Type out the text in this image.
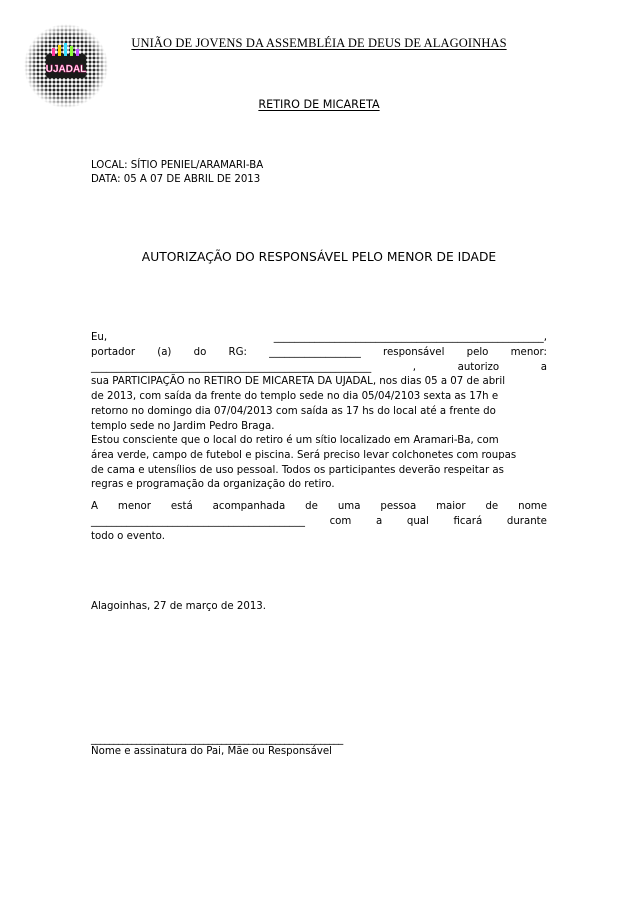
UJADAL
UNIÃO DE JOVENS DA ASSEMBLÉIA DE DEUS DE ALAGOINHAS
RETIRO DE MICARETA
LOCAL: SÍTIO PENIEL/ARAMARI-BA
DATA: 05 A 07 DE ABRIL DE 2013
AUTORIZAÇÃO DO RESPONSÁVEL PELO MENOR DE IDADE
Eu,	_____________________________________________________,
portador (a) do RG: __________________ responsável pelo menor:
_______________________________________________________	,	autorizo	a
sua PARTICIPAÇÃO no RETIRO DE MICARETA DA UJADAL, nos dias 05 a 07 de abril
de 2013, com saída da frente do templo sede no dia 05/04/2103 sexta as 17h e
retorno no domingo dia 07/04/2013 com saída as 17 hs do local até a frente do
templo sede no Jardim Pedro Braga.
Estou consciente que o local do retiro é um sítio localizado em Aramari-Ba, com
área verde, campo de futebol e piscina. Será preciso levar colchonetes com roupas
de cama e utensílios de uso pessoal. Todos os participantes deverão respeitar as
regras e programação da organização do retiro.
A menor está acompanhada de uma pessoa maior de nome
__________________________________________ com a qual ficará durante
todo o evento.
Alagoinhas, 27 de março de 2013.
________________________________________________________
Nome e assinatura do Pai, Mãe ou Responsável
